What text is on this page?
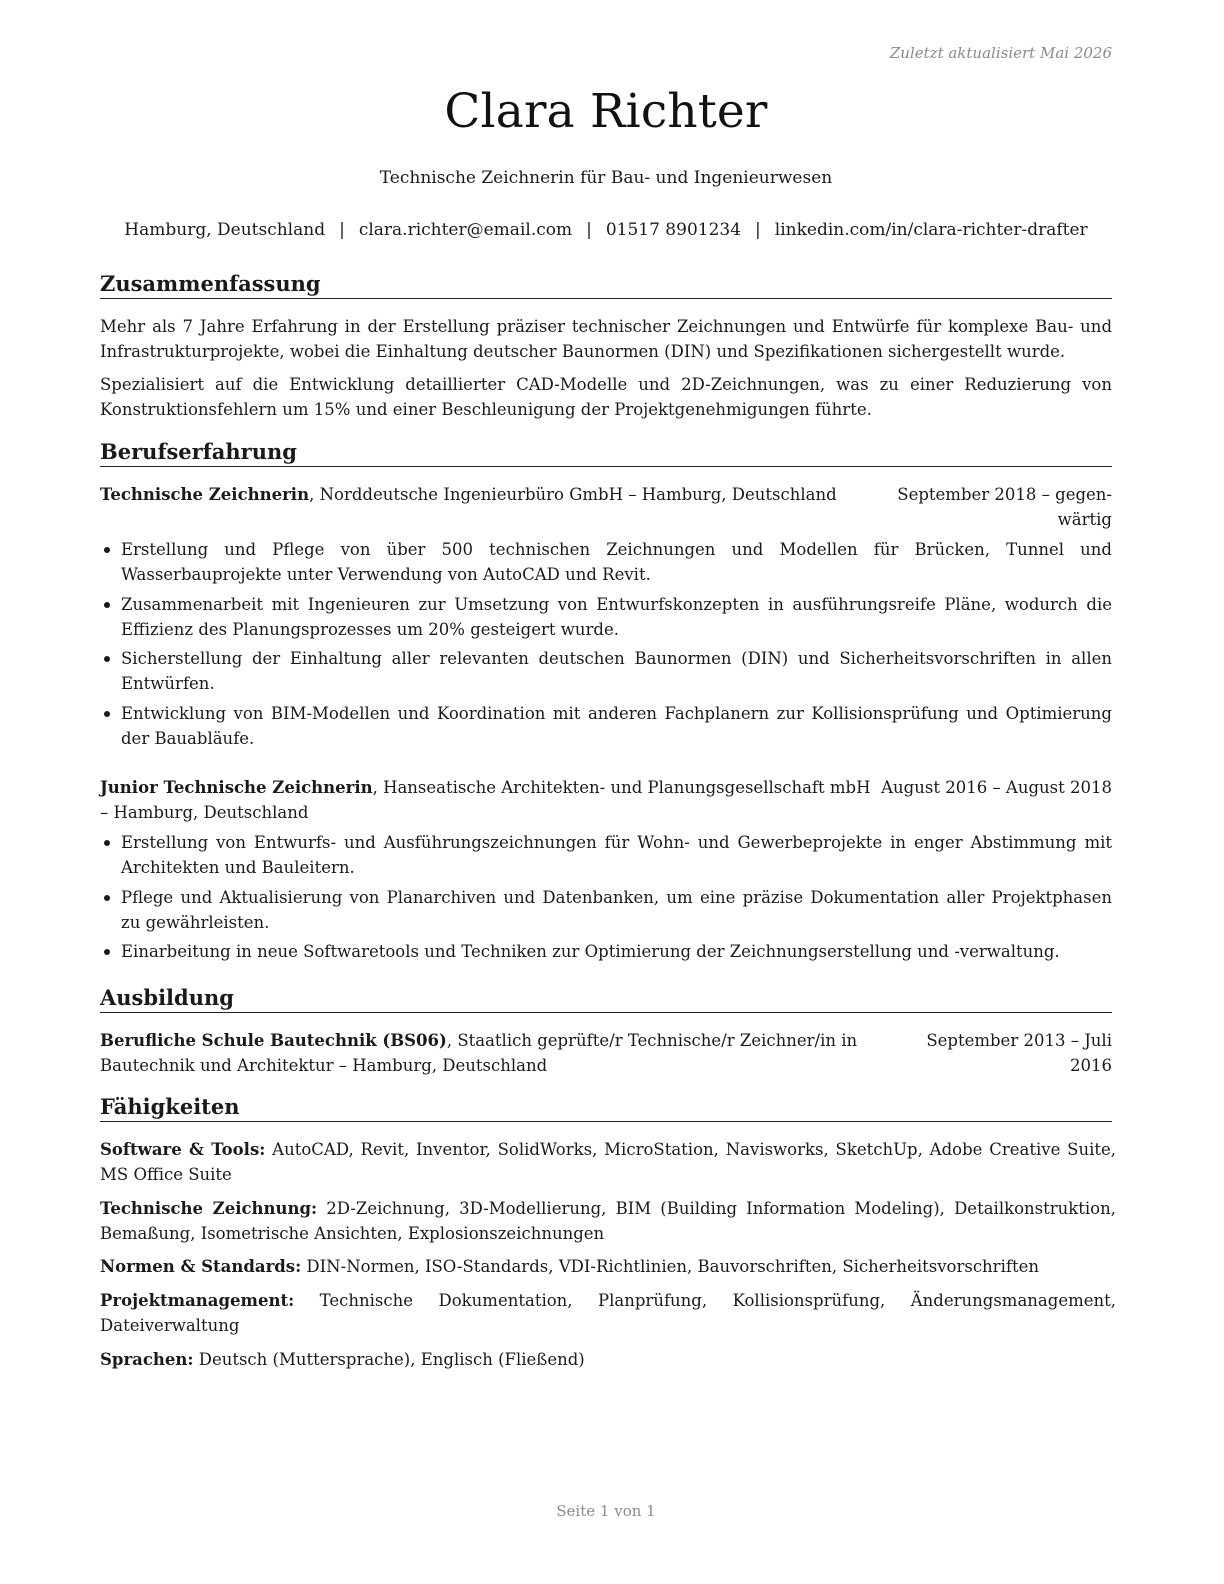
Zuletzt aktualisiert Mai 2026
Clara Richter
Technische Zeichnerin für Bau- und Ingenieurwesen
Hamburg, Deutschland | clara.richter@email.com | 01517 8901234 | linkedin.com/in/clara-richter-drafter
Zusammenfassung
Mehr als 7 Jahre Erfahrung in der Erstellung präziser technischer Zeichnungen und Entwürfe für komplexe Bau- und
Infrastrukturprojekte, wobei die Einhaltung deutscher Baunormen (DIN) und Spezifikationen sichergestellt wurde.
Spezialisiert auf die Entwicklung detaillierter CAD-Modelle und 2D-Zeichnungen, was zu einer Reduzierung von
Konstruktionsfehlern um 15% und einer Beschleunigung der Projektgenehmigungen führte.
Berufserfahrung
Technische Zeichnerin, Norddeutsche Ingenieurbüro GmbH – Hamburg, Deutschland	September 2018 – gegen-
wärtig
Erstellung und Pflege von über 500 technischen Zeichnungen und Modellen für Brücken, Tunnel und Wasserbauprojekte unter Verwendung von AutoCAD und Revit.
Zusammenarbeit mit Ingenieuren zur Umsetzung von Entwurfskonzepten in ausführungsreife Pläne, wodurch die Effizienz des Planungsprozesses um 20% gesteigert wurde.
Sicherstellung der Einhaltung aller relevanten deutschen Baunormen (DIN) und Sicherheitsvorschriften in allen Entwürfen.
Entwicklung von BIM-Modellen und Koordination mit anderen Fachplanern zur Kollisionsprüfung und Optimierung der Bauabläufe.
Junior Technische Zeichnerin, Hanseatische Architekten- und Planungsgesellschaft mbH August 2016 – August 2018
– Hamburg, Deutschland
Erstellung von Entwurfs- und Ausführungszeichnungen für Wohn- und Gewerbeprojekte in enger Abstimmung mit Architekten und Bauleitern.
Pflege und Aktualisierung von Planarchiven und Datenbanken, um eine präzise Dokumentation aller Projektphasen zu gewährleisten.
Einarbeitung in neue Softwaretools und Techniken zur Optimierung der Zeichnungserstellung und -verwaltung.
Ausbildung
Berufliche Schule Bautechnik (BS06), Staatlich geprüfte/r Technische/r Zeichner/in in
Bautechnik und Architektur – Hamburg, Deutschland
September 2013 – Juli
2016
Fähigkeiten
Software & Tools: AutoCAD, Revit, Inventor, SolidWorks, MicroStation, Navisworks, SketchUp, Adobe Creative Suite, MS Office Suite
Technische Zeichnung: 2D-Zeichnung, 3D-Modellierung, BIM (Building Information Modeling), Detailkonstruktion, Bemaßung, Isometrische Ansichten, Explosionszeichnungen
Normen & Standards: DIN-Normen, ISO-Standards, VDI-Richtlinien, Bauvorschriften, Sicherheitsvorschriften
Projektmanagement: Technische Dokumentation, Planprüfung, Kollisionsprüfung, Änderungsmanagement, Dateiverwaltung
Sprachen: Deutsch (Muttersprache), Englisch (Fließend)
Seite 1 von 1
